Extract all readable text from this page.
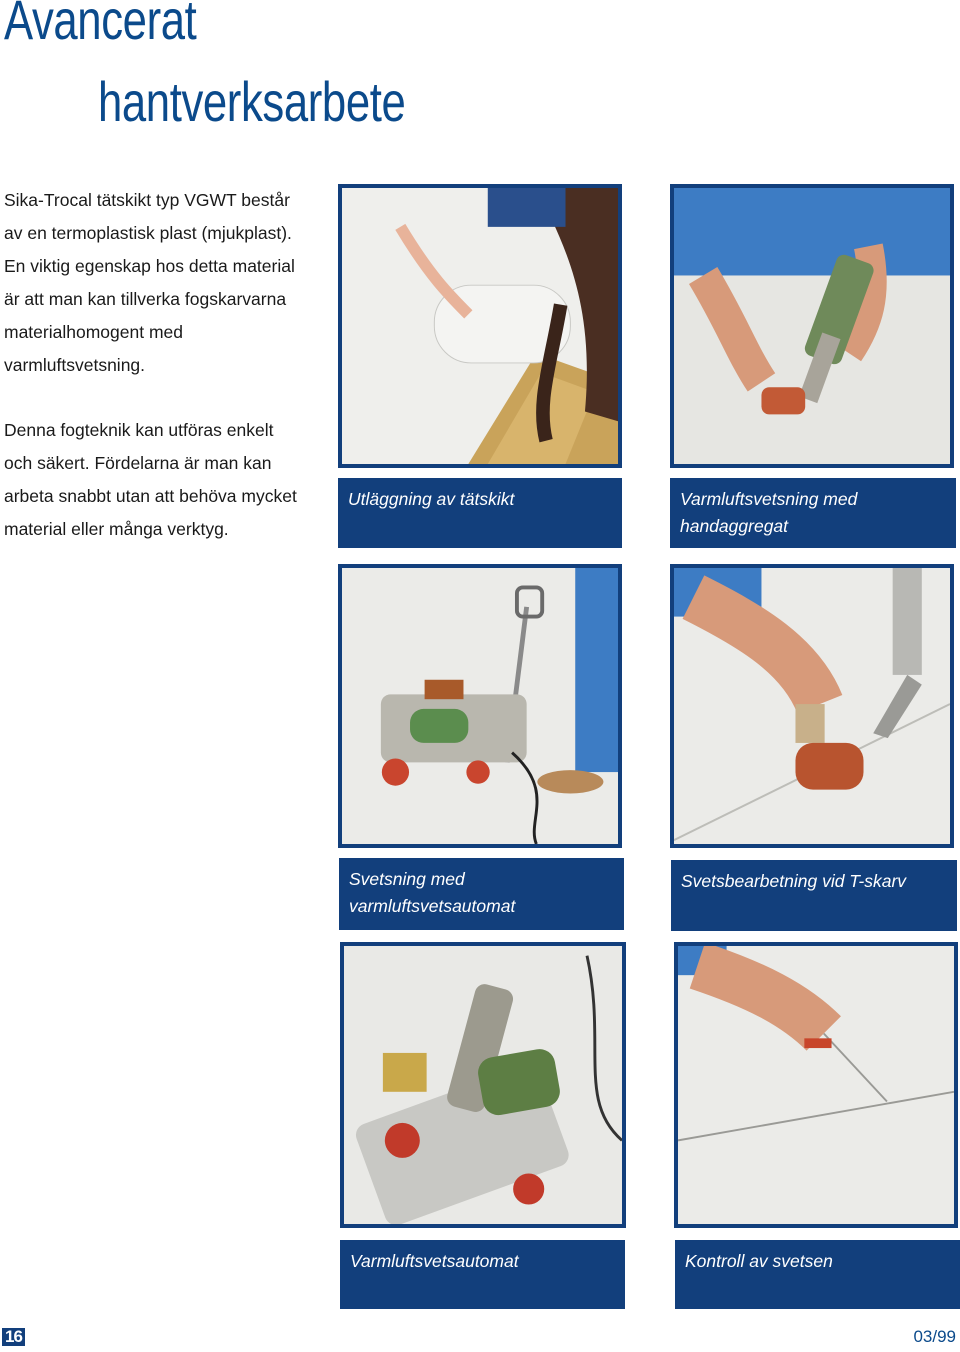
Avancerat
hantverksarbete

Sika-Trocal tätskikt typ VGWT består av en termoplastisk plast (mjukplast). En viktig egenskap hos detta material är att man kan tillverka fogskarvarna materialhomogent med varmluftsvetsning.

Denna fogteknik kan utföras enkelt och säkert. Fördelarna är man kan arbeta snabbt utan att behöva mycket material eller många verktyg.

Utläggning av tätskikt	Varmluftsvetsning med handaggregat
Svetsning med varmluftsvetsautomat
Svetsbearbetning vid T-skarv
Varmluftsvetsautomat	Kontroll av svetsen
16	03/99
